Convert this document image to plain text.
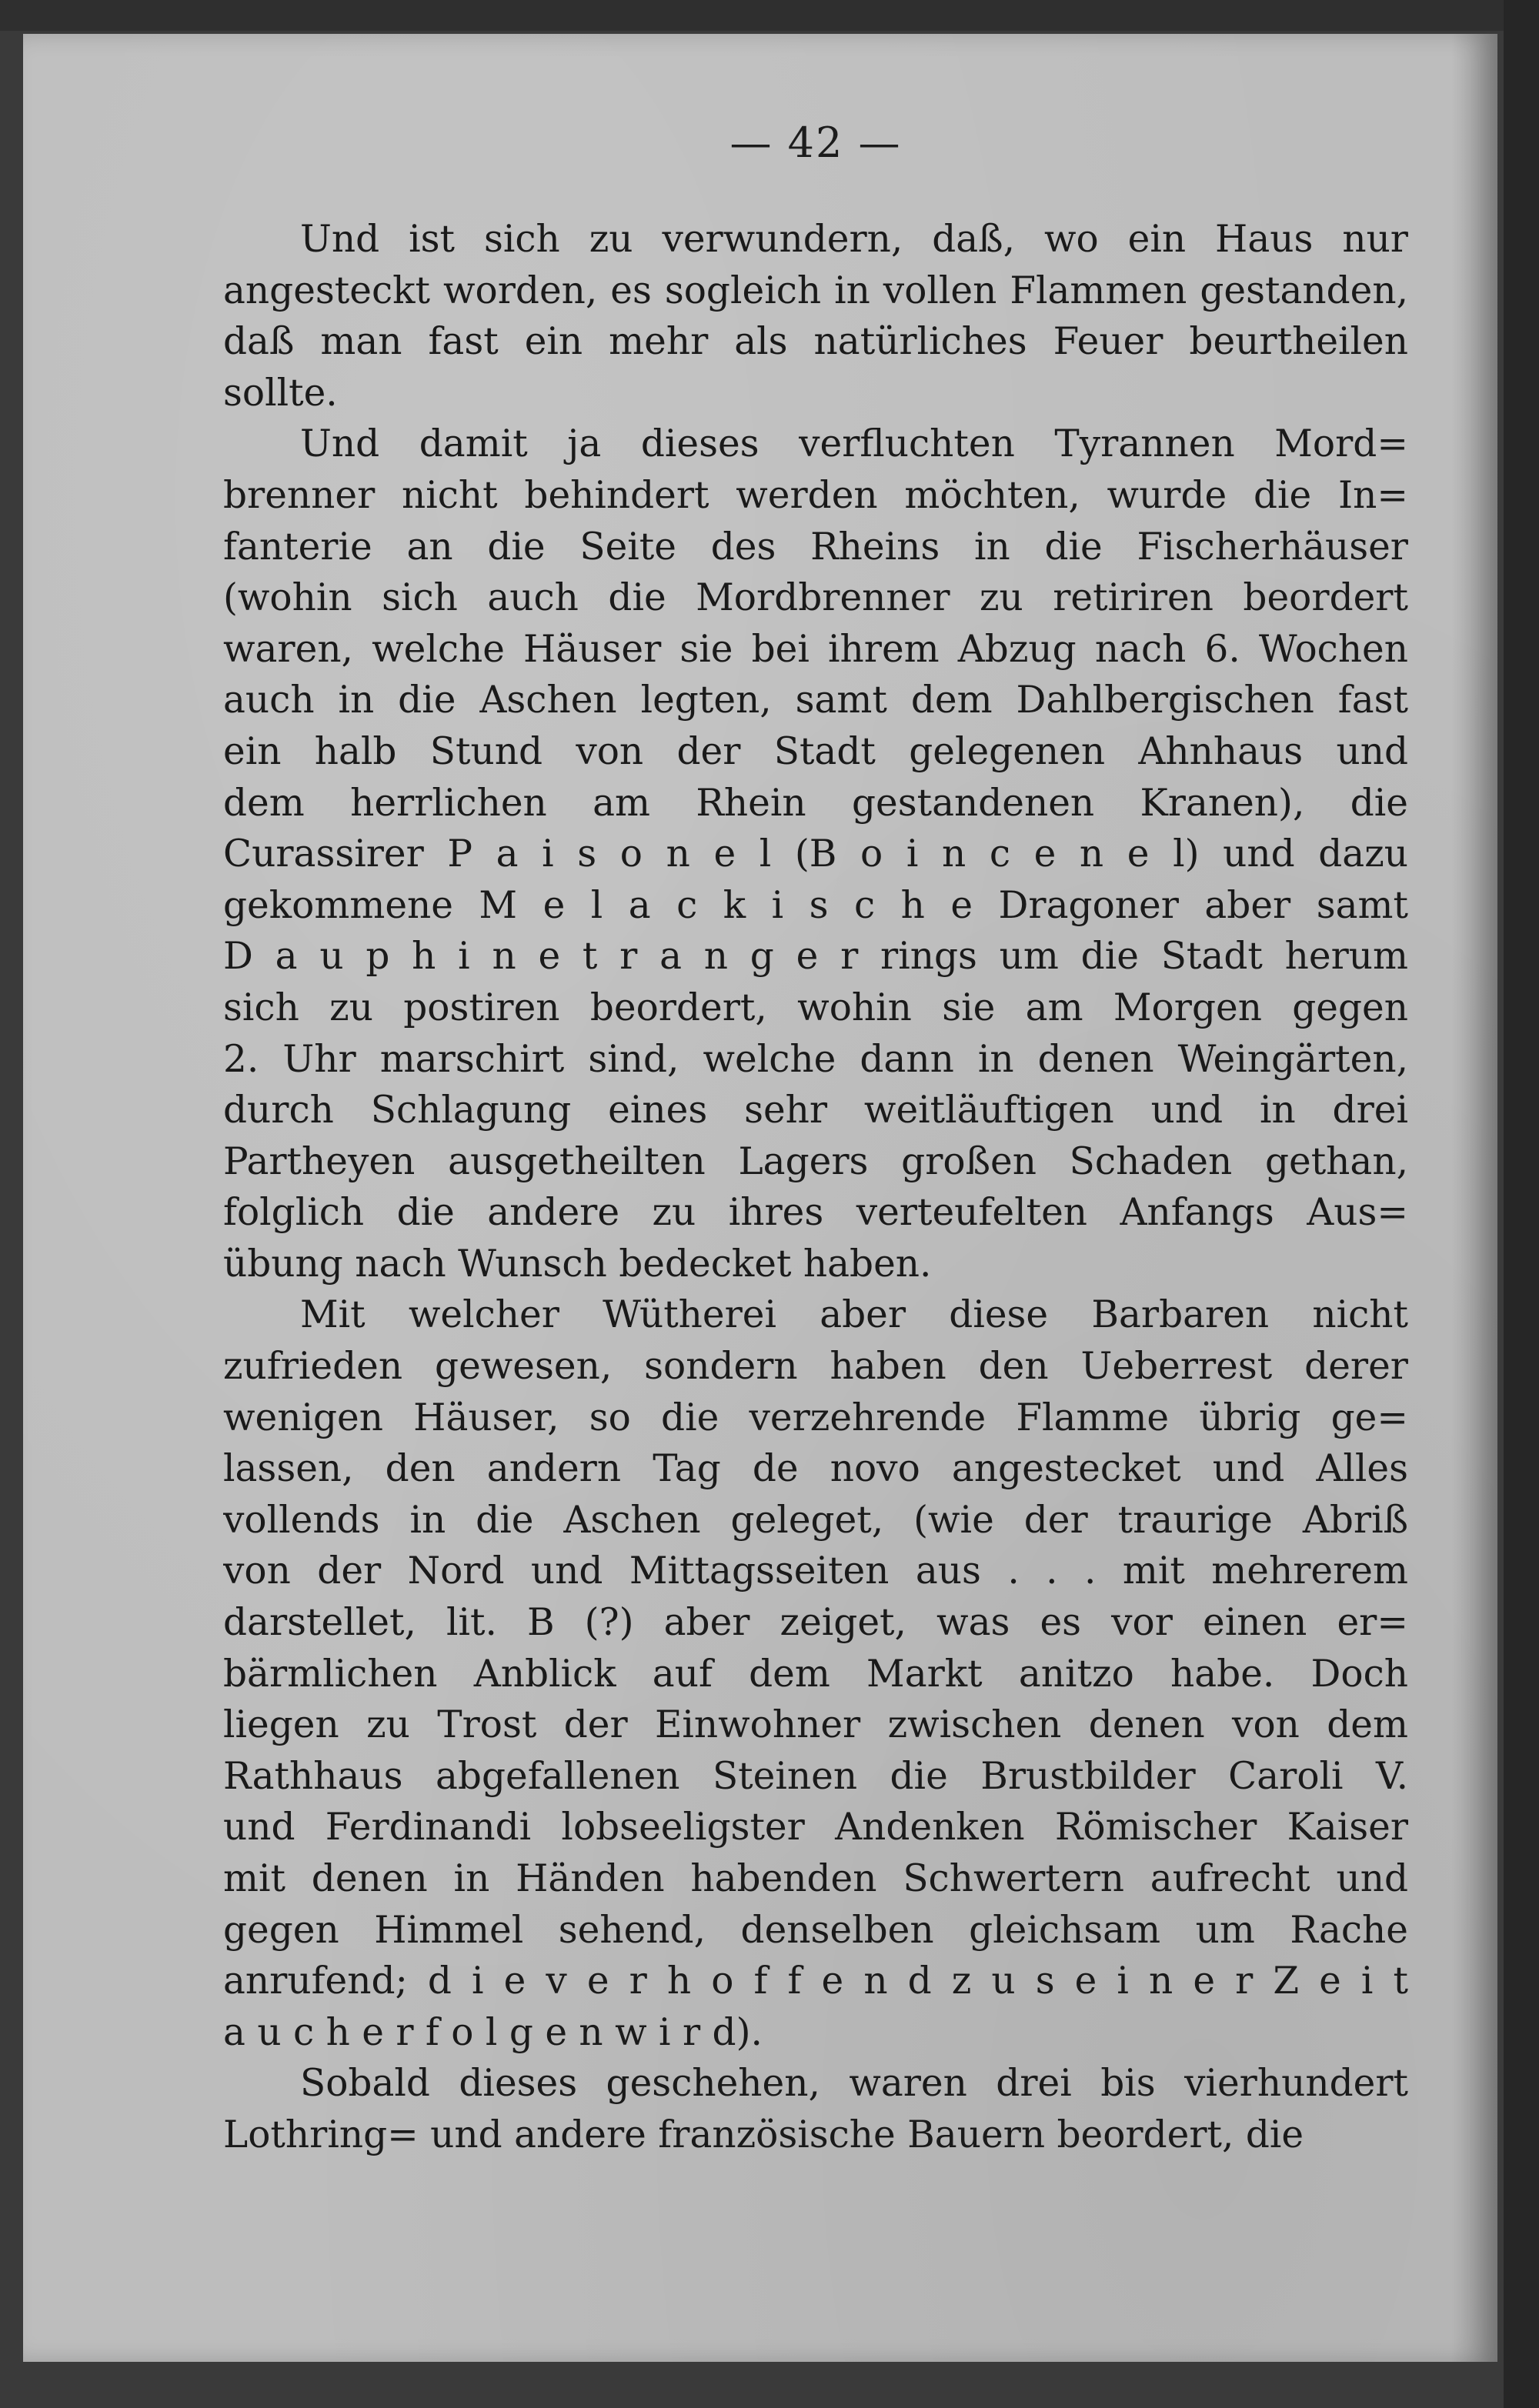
— 42 —
Und ist sich zu verwundern, daß, wo ein Haus nur
angesteckt worden, es sogleich in vollen Flammen gestanden,
daß man fast ein mehr als natürliches Feuer beurtheilen
sollte.
Und damit ja dieses verfluchten Tyrannen Mord=
brenner nicht behindert werden möchten, wurde die In=
fanterie an die Seite des Rheins in die Fischerhäuser
(wohin sich auch die Mordbrenner zu retiriren beordert
waren, welche Häuser sie bei ihrem Abzug nach 6. Wochen
auch in die Aschen legten, samt dem Dahlbergischen fast
ein halb Stund von der Stadt gelegenen Ahnhaus und
dem herrlichen am Rhein gestandenen Kranen), die
Curassirer P a i s o n e l (B o i n c e n e l) und dazu
gekommene M e l a c k i s c h e Dragoner aber samt
D a u p h i n e t r a n g e r rings um die Stadt herum
sich zu postiren beordert, wohin sie am Morgen gegen
2. Uhr marschirt sind, welche dann in denen Weingärten,
durch Schlagung eines sehr weitläuftigen und in drei
Partheyen ausgetheilten Lagers großen Schaden gethan,
folglich die andere zu ihres verteufelten Anfangs Aus=
übung nach Wunsch bedecket haben.
Mit welcher Wütherei aber diese Barbaren nicht
zufrieden gewesen, sondern haben den Ueberrest derer
wenigen Häuser, so die verzehrende Flamme übrig ge=
lassen, den andern Tag de novo angestecket und Alles
vollends in die Aschen geleget, (wie der traurige Abriß
von der Nord und Mittagsseiten aus . . . mit mehrerem
darstellet, lit. B (?) aber zeiget, was es vor einen er=
bärmlichen Anblick auf dem Markt anitzo habe. Doch
liegen zu Trost der Einwohner zwischen denen von dem
Rathhaus abgefallenen Steinen die Brustbilder Caroli V.
und Ferdinandi lobseeligster Andenken Römischer Kaiser
mit denen in Händen habenden Schwertern aufrecht und
gegen Himmel sehend, denselben gleichsam um Rache
anrufend; d i e v e r h o f f e n d z u s e i n e r Z e i t
a u c h e r f o l g e n w i r d).
Sobald dieses geschehen, waren drei bis vierhundert
Lothring= und andere französische Bauern beordert, die
